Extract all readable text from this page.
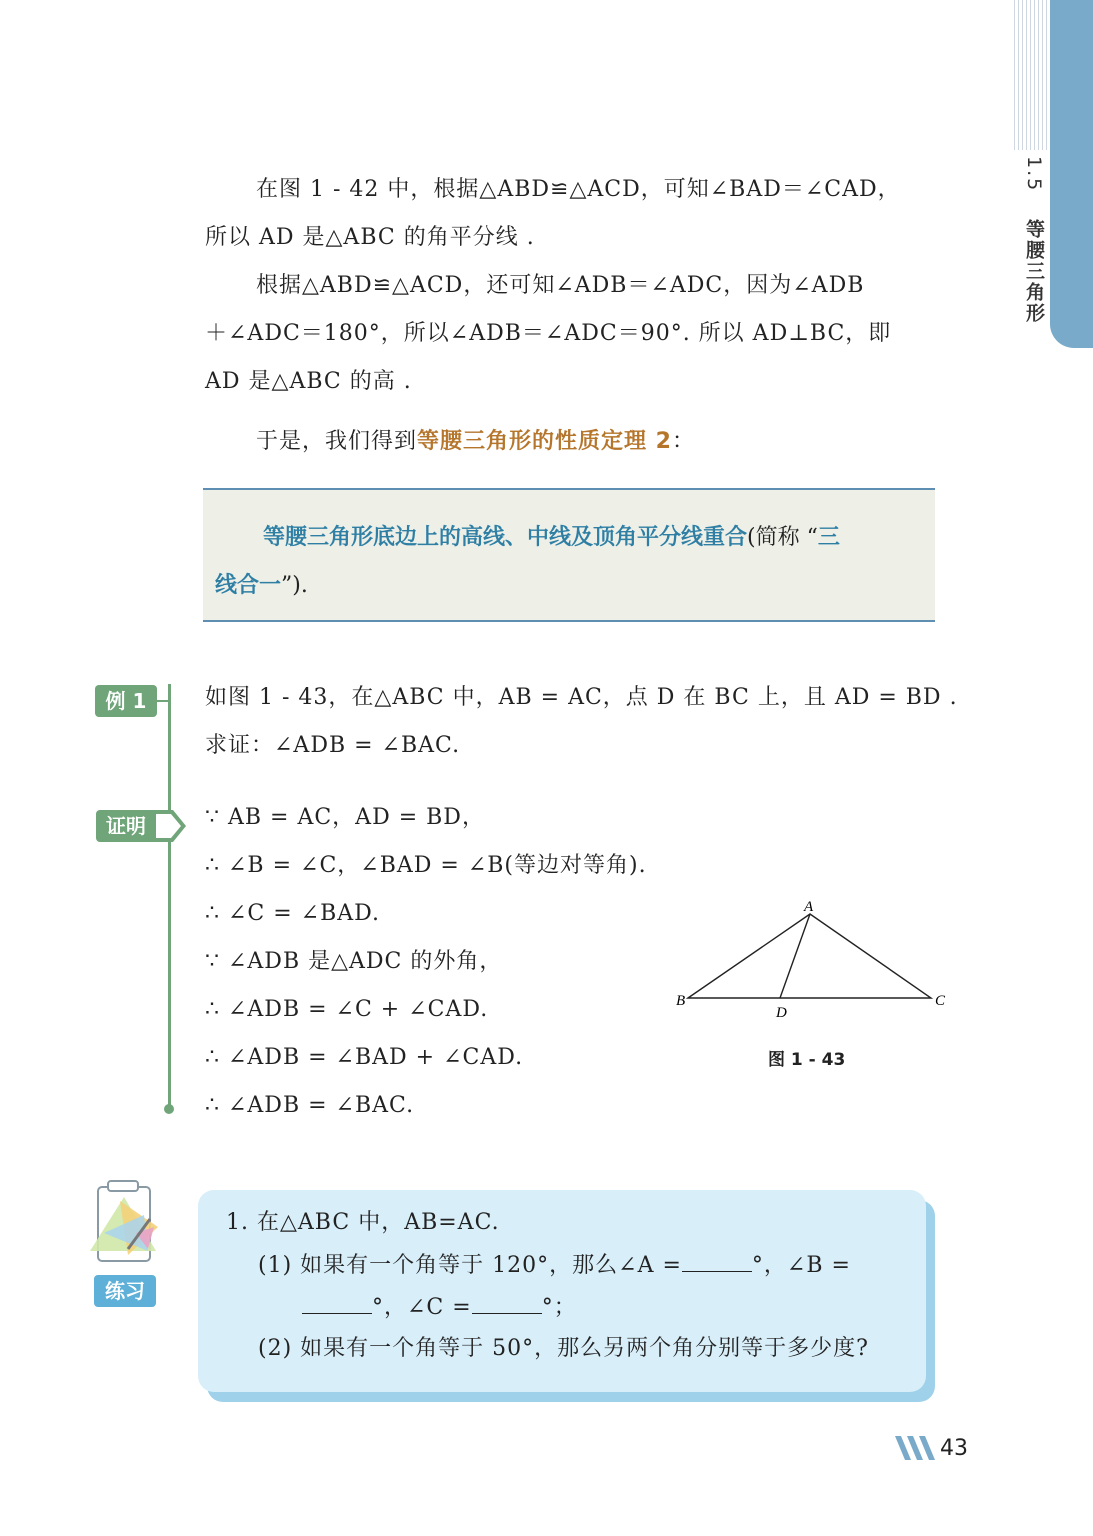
1.5 等腰三角形
在图 1 - 42 中，根据△ABD≌△ACD，可知∠BAD＝∠CAD，
所以 AD 是△ABC 的角平分线 .
根据△ABD≌△ACD，还可知∠ADB＝∠ADC，因为∠ADB
＋∠ADC＝180°，所以∠ADB＝∠ADC＝90°. 所以 AD⊥BC，即
AD 是△ABC 的高 .
于是，我们得到等腰三角形的性质定理 2：
等腰三角形底边上的高线、中线及顶角平分线重合(简称 “三
线合一”).
例 1	如图 1 - 43，在△ABC 中，AB = AC，点 D 在 BC 上，且 AD = BD .
求证：∠ADB = ∠BAC.
证明	∵ AB = AC，AD = BD，
∴ ∠B = ∠C，∠BAD = ∠B(等边对等角).
∴ ∠C = ∠BAD.
∵ ∠ADB 是△ADC 的外角，
∴ ∠ADB = ∠C + ∠CAD.
∴ ∠ADB = ∠BAD + ∠CAD.
∴ ∠ADB = ∠BAC.
A
B	C
D
图 1 - 43
练习
1. 在△ABC 中，AB=AC.
(1) 如果有一个角等于 120°，那么∠A =	°，∠B =
°，∠C =	°；
(2) 如果有一个角等于 50°，那么另两个角分别等于多少度?
43
